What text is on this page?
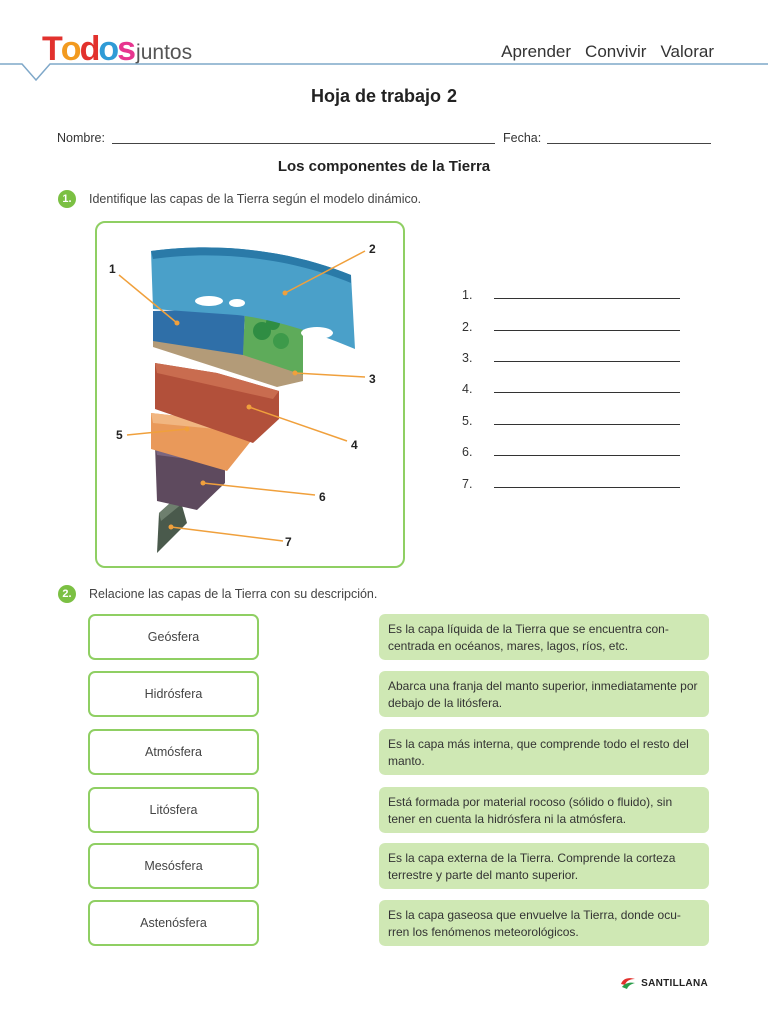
Todos juntos	Aprender Convivir Valorar
Hoja de trabajo 2
Nombre:	Fecha:
Los componentes de la Tierra
1.	Identifique las capas de la Tierra según el modelo dinámico.
1
2
3
4
5
6
7
1.
2.
3.
4.
5.
6.
7.
2.	Relacione las capas de la Tierra con su descripción.
Geósfera
Hidrósfera
Atmósfera
Litósfera
Mesósfera
Astenósfera
Es la capa líquida de la Tierra que se encuentra con-centrada en océanos, mares, lagos, ríos, etc.
Abarca una franja del manto superior, inmediatamente por debajo de la litósfera.
Es la capa más interna, que comprende todo el resto del manto.
Está formada por material rocoso (sólido o fluido), sin tener en cuenta la hidrósfera ni la atmósfera.
Es la capa externa de la Tierra. Comprende la corteza terrestre y parte del manto superior.
Es la capa gaseosa que envuelve la Tierra, donde ocu-rren los fenómenos meteorológicos.
SANTILLANA
